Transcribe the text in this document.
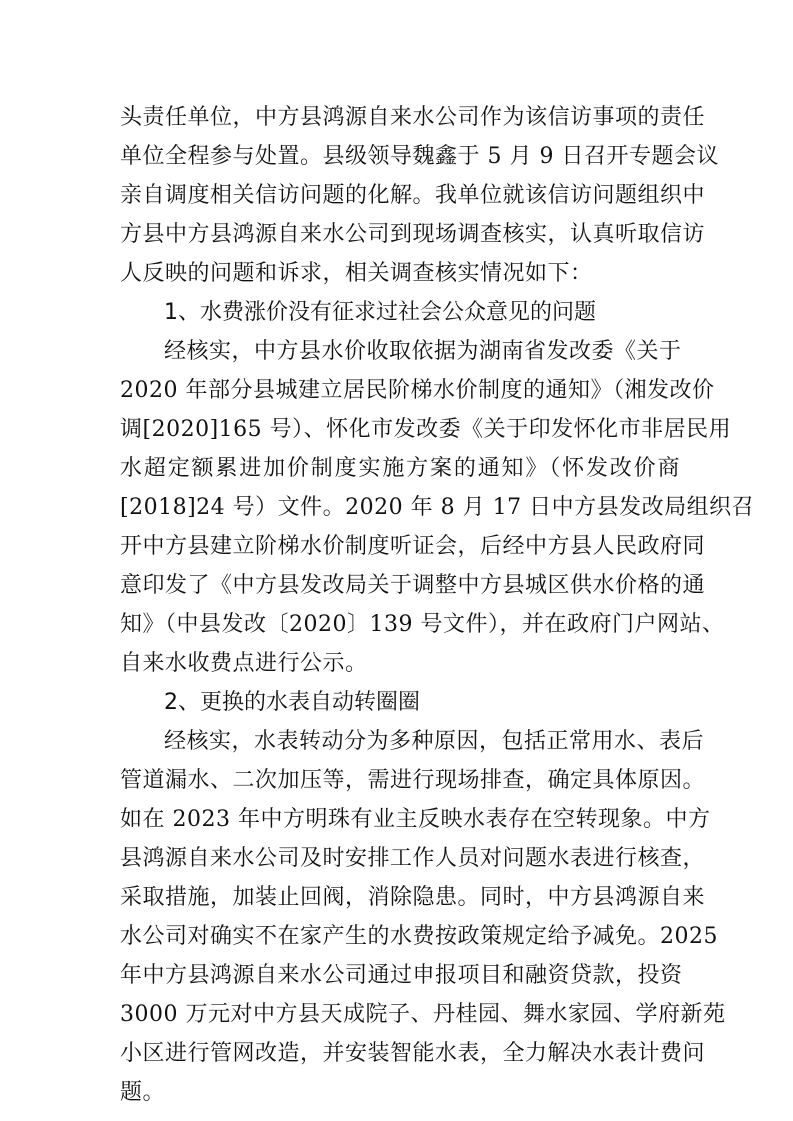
头责任单位，中方县鸿源自来水公司作为该信访事项的责任
单位全程参与处置。县级领导魏鑫于 5 月 9 日召开专题会议
亲自调度相关信访问题的化解。我单位就该信访问题组织中
方县中方县鸿源自来水公司到现场调查核实，认真听取信访
人反映的问题和诉求，相关调查核实情况如下：
1、水费涨价没有征求过社会公众意见的问题
经核实，中方县水价收取依据为湖南省发改委《关于
2020 年部分县城建立居民阶梯水价制度的通知》（湘发改价
调[2020]165 号）、怀化市发改委《关于印发怀化市非居民用
水超定额累进加价制度实施方案的通知》（怀发改价商
[2018]24 号）文件。2020 年 8 月 17 日中方县发改局组织召
开中方县建立阶梯水价制度听证会，后经中方县人民政府同
意印发了《中方县发改局关于调整中方县城区供水价格的通
知》（中县发改〔2020〕139 号文件），并在政府门户网站、
自来水收费点进行公示。
2、更换的水表自动转圈圈
经核实，水表转动分为多种原因，包括正常用水、表后
管道漏水、二次加压等，需进行现场排查，确定具体原因。
如在 2023 年中方明珠有业主反映水表存在空转现象。中方
县鸿源自来水公司及时安排工作人员对问题水表进行核查，
采取措施，加装止回阀，消除隐患。同时，中方县鸿源自来
水公司对确实不在家产生的水费按政策规定给予减免。2025
年中方县鸿源自来水公司通过申报项目和融资贷款，投资
3000 万元对中方县天成院子、丹桂园、舞水家园、学府新苑
小区进行管网改造，并安装智能水表，全力解决水表计费问
题。
